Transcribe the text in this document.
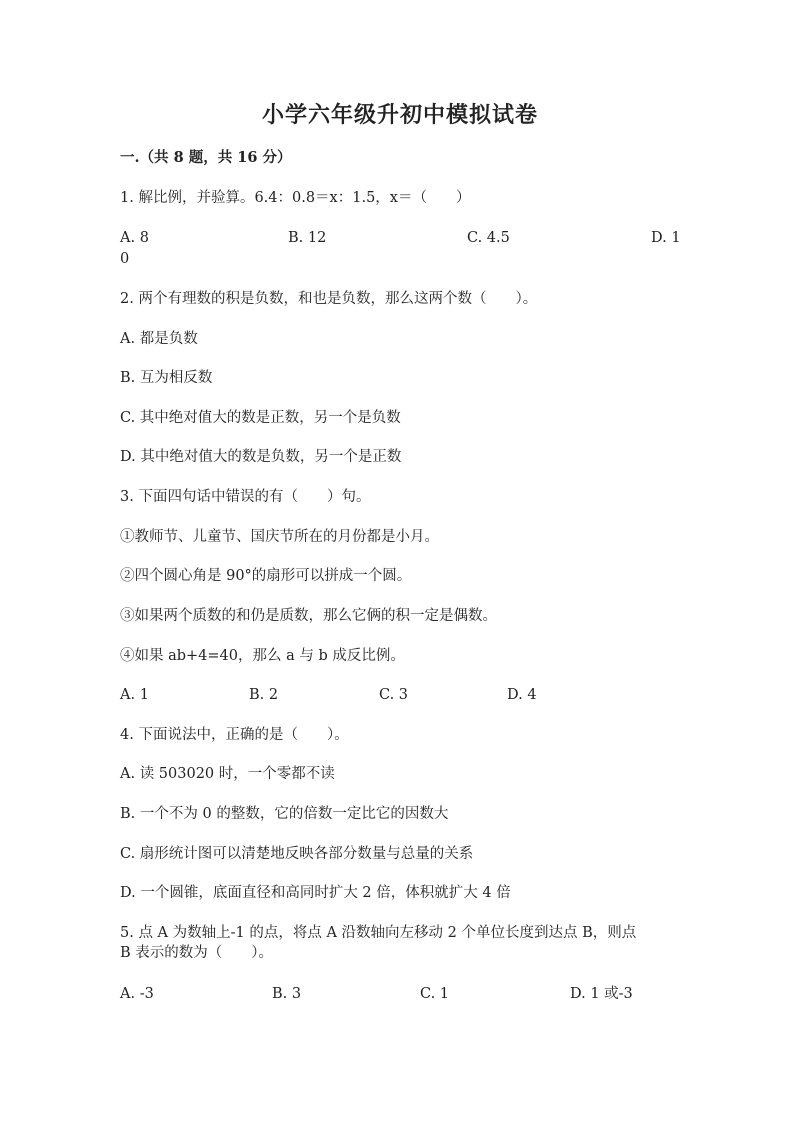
小学六年级升初中模拟试卷
一.（共 8 题，共 16 分）
1. 解比例，并验算。6.4：0.8＝x：1.5，x＝（　　）
A. 8	B. 12	C. 4.5	D. 1
0
2. 两个有理数的积是负数，和也是负数，那么这两个数（　　）。
A. 都是负数
B. 互为相反数
C. 其中绝对值大的数是正数，另一个是负数
D. 其中绝对值大的数是负数，另一个是正数
3. 下面四句话中错误的有（　　）句。
①教师节、儿童节、国庆节所在的月份都是小月。
②四个圆心角是 90°的扇形可以拼成一个圆。
③如果两个质数的和仍是质数，那么它俩的积一定是偶数。
④如果 ab+4=40，那么 a 与 b 成反比例。
A. 1	B. 2	C. 3	D. 4
4. 下面说法中，正确的是（　　）。
A. 读 503020 时，一个零都不读
B. 一个不为 0 的整数，它的倍数一定比它的因数大
C. 扇形统计图可以清楚地反映各部分数量与总量的关系
D. 一个圆锥，底面直径和高同时扩大 2 倍，体积就扩大 4 倍
5. 点 A 为数轴上-1 的点，将点 A 沿数轴向左移动 2 个单位长度到达点 B，则点
B 表示的数为（　　）。
A. -3	B. 3	C. 1	D. 1 或-3
